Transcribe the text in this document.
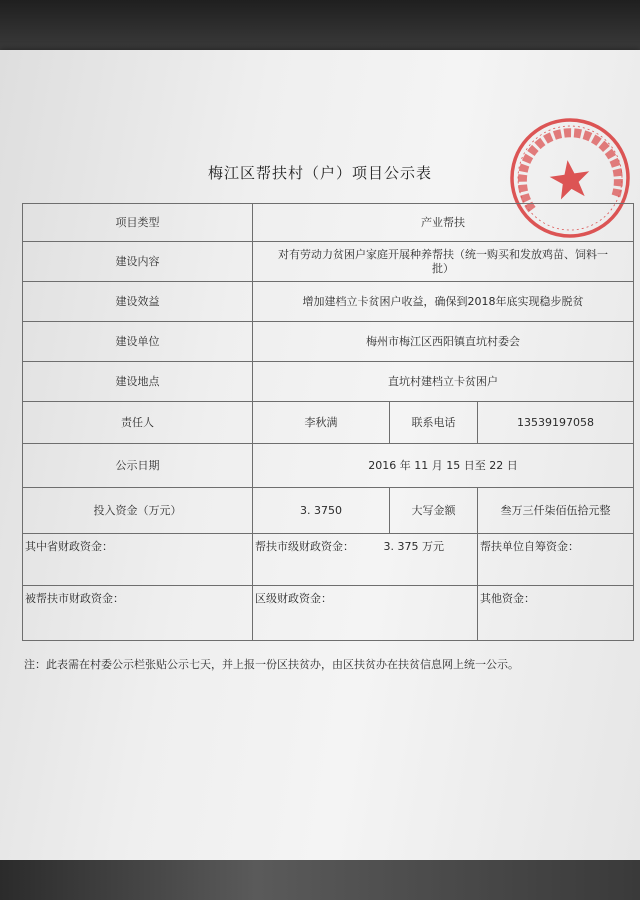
梅江区帮扶村（户）项目公示表
项目类型	产业帮扶		
建设内容	对有劳动力贫困户家庭开展种养帮扶（统一购买和发放鸡苗、饲料一批）		
建设效益	增加建档立卡贫困户收益，确保到2018年底实现稳步脱贫		
建设单位	梅州市梅江区西阳镇直坑村委会		
建设地点	直坑村建档立卡贫困户		
责任人	李秋满	联系电话	13539197058
公示日期	2016 年 11 月 15 日至 22 日		
投入资金（万元）	3. 3750	大写金额	叁万三仟柒佰伍拾元整
其中省财政资金：	帮扶市级财政资金： 3. 375 万元		帮扶单位自筹资金：
被帮扶市财政资金：	区级财政资金：		其他资金：
注：此表需在村委公示栏张贴公示七天，并上报一份区扶贫办，由区扶贫办在扶贫信息网上统一公示。
